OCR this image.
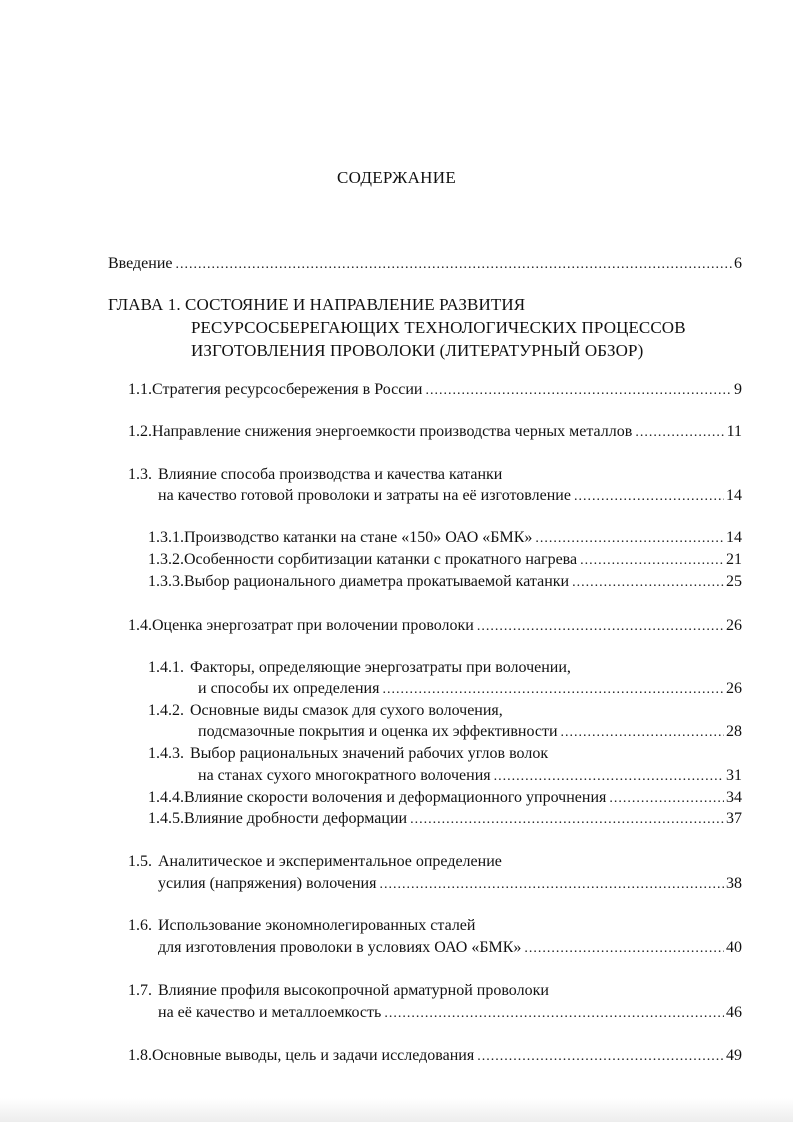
СОДЕРЖАНИЕ
Введение .....	6
ГЛАВА 1. СОСТОЯНИЕ И НАПРАВЛЕНИЕ РАЗВИТИЯ
РЕСУРСОСБЕРЕГАЮЩИХ ТЕХНОЛОГИЧЕСКИХ ПРОЦЕССОВ
ИЗГОТОВЛЕНИЯ ПРОВОЛОКИ (ЛИТЕРАТУРНЫЙ ОБЗОР)
1.1. Стратегия ресурсосбережения в России .....	9
1.2. Направление снижения энергоемкости производства черных металлов .....	11
1.3. Влияние способа производства и качества катанки
на качество готовой проволоки и затраты на её изготовление .....	14
1.3.1. Производство катанки на стане «150» ОАО «БМК» .....	14
1.3.2. Особенности сорбитизации катанки с прокатного нагрева .....	21
1.3.3. Выбор рационального диаметра прокатываемой катанки .....	25
1.4. Оценка энергозатрат при волочении проволоки .....	26
1.4.1. Факторы, определяющие энергозатраты при волочении,
и способы их определения .....	26
1.4.2. Основные виды смазок для сухого волочения,
подсмазочные покрытия и оценка их эффективности .....	28
1.4.3. Выбор рациональных значений рабочих углов волок
на станах сухого многократного волочения .....	31
1.4.4. Влияние скорости волочения и деформационного упрочнения .....	34
1.4.5. Влияние дробности деформации .....	37
1.5. Аналитическое и экспериментальное определение
усилия (напряжения) волочения .....	38
1.6. Использование экономнолегированных сталей
для изготовления проволоки в условиях ОАО «БМК» .....	40
1.7. Влияние профиля высокопрочной арматурной проволоки
на её качество и металлоемкость .....	46
1.8. Основные выводы, цель и задачи исследования .....	49
